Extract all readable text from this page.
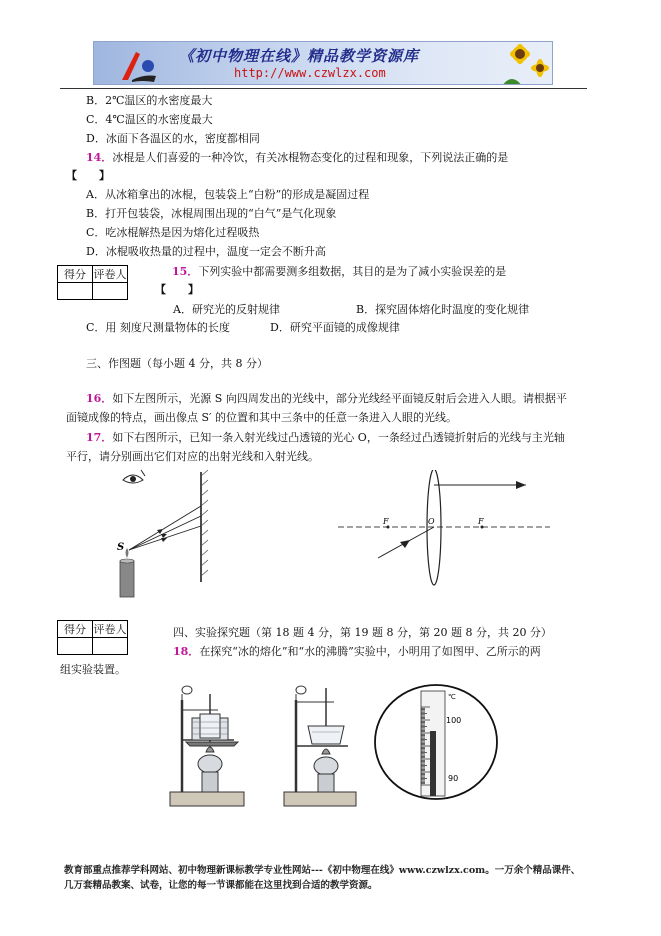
《初中物理在线》精品教学资源库
http://www.czwlzx.com
B．2℃温区的水密度最大
C．4℃温区的水密度最大
D．冰面下各温区的水，密度都相同
14．冰棍是人们喜爱的一种冷饮，有关冰棍物态变化的过程和现象，下列说法正确的是
【　　】
A．从冰箱拿出的冰棍，包装袋上“白粉”的形成是凝固过程
B．打开包装袋，冰棍周围出现的“白气”是气化现象
C．吃冰棍解热是因为熔化过程吸热
D．冰棍吸收热量的过程中，温度一定会不断升高
得分	评卷人
		15．下列实验中都需要测多组数据，其目的是为了减小实验误差的是
【　　】
A．研究光的反射规律	B．探究固体熔化时温度的变化规律
C．用 刻度尺测量物体的长度	D．研究平面镜的成像规律
三、作图题（每小题 4 分，共 8 分）
16．如下左图所示，光源 S 向四周发出的光线中，部分光线经平面镜反射后会进入人眼。请根据平
面镜成像的特点，画出像点 S′ 的位置和其中三条中的任意一条进入人眼的光线。
17．如下右图所示，已知一条入射光线过凸透镜的光心 O，一条经过凸透镜折射后的光线与主光轴
平行，请分别画出它们对应的出射光线和入射光线。
S
F	O	F
得分	评卷人
		四、实验探究题（第 18 题 4 分，第 19 题 8 分，第 20 题 8 分，共 20 分）
18．在探究“冰的熔化”和“水的沸腾”实验中，小明用了如图甲、乙所示的两
组实验装置。
℃
100
90
教育部重点推荐学科网站、初中物理新课标教学专业性网站---《初中物理在线》www.czwlzx.com。一万余个精品课件、
几万套精品教案、试卷，让您的每一节课都能在这里找到合适的教学资源。
